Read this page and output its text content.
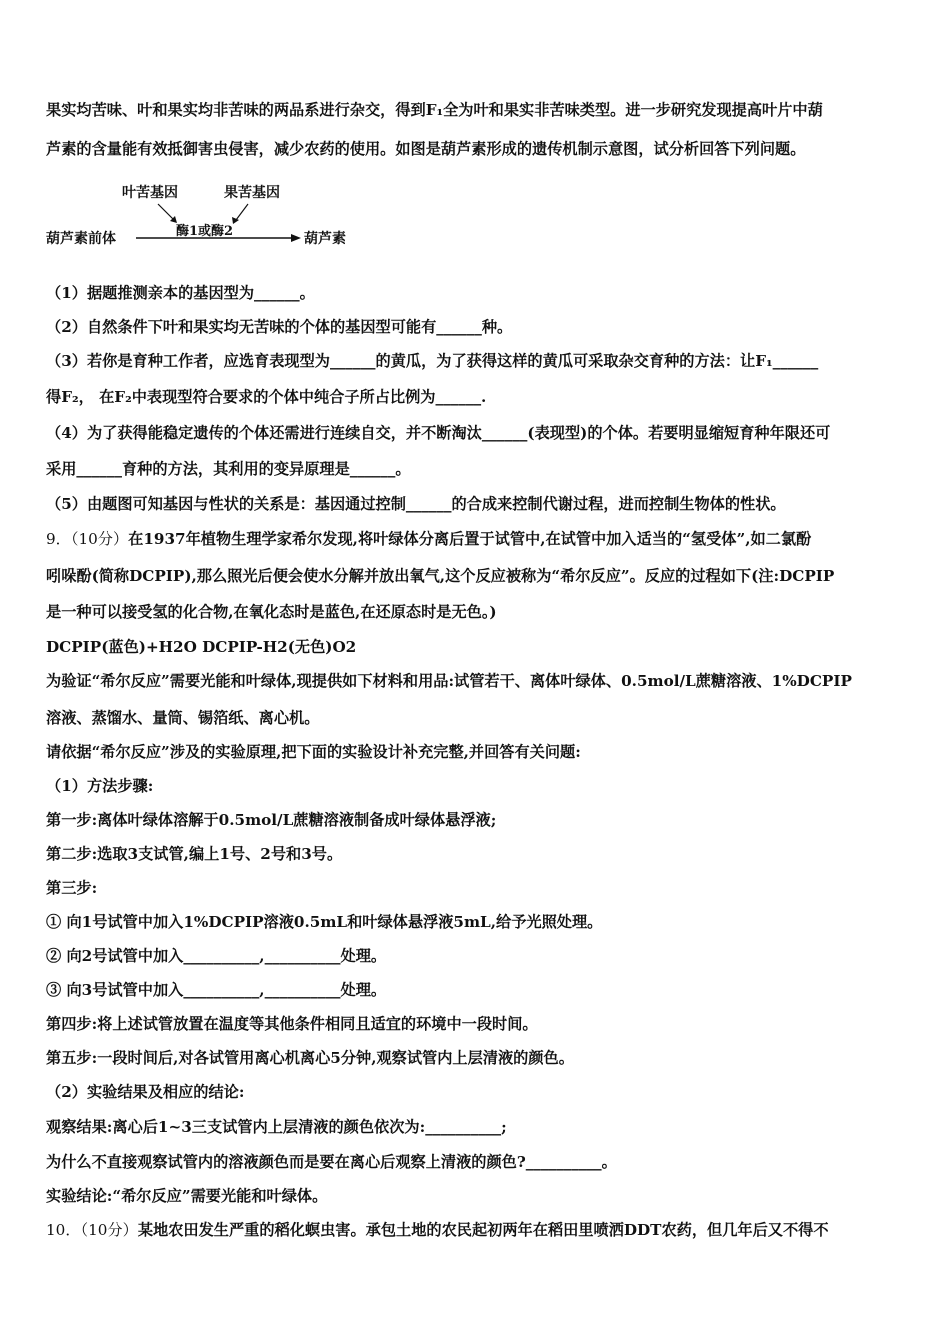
果实均苦味、叶和果实均非苦味的两品系进行杂交，得到F₁全为叶和果实非苦味类型。进一步研究发现提高叶片中葫
芦素的含量能有效抵御害虫侵害，减少农药的使用。如图是葫芦素形成的遗传机制示意图，试分析回答下列问题。
叶苦基因	果苦基因
葫芦素前体	酶1或酶2	葫芦素
（1）据题推测亲本的基因型为______。
（2）自然条件下叶和果实均无苦味的个体的基因型可能有______种。
（3）若你是育种工作者，应选育表现型为______的黄瓜，为了获得这样的黄瓜可采取杂交育种的方法：让F₁______
得F₂， 在F₂中表现型符合要求的个体中纯合子所占比例为______.
（4）为了获得能稳定遗传的个体还需进行连续自交，并不断淘汰______(表现型)的个体。若要明显缩短育种年限还可
采用______育种的方法，其利用的变异原理是______。
（5）由题图可知基因与性状的关系是：基因通过控制______的合成来控制代谢过程，进而控制生物体的性状。
9．（10分）在1937年植物生理学家希尔发现,将叶绿体分离后置于试管中,在试管中加入适当的“氢受体”,如二氯酚
吲哚酚(简称DCPIP),那么照光后便会使水分解并放出氧气,这个反应被称为“希尔反应”。反应的过程如下(注:DCPIP
是一种可以接受氢的化合物,在氧化态时是蓝色,在还原态时是无色。)
DCPIP(蓝色)+H2O DCPIP-H2(无色)O2
为验证“希尔反应”需要光能和叶绿体,现提供如下材料和用品:试管若干、离体叶绿体、0.5mol/L蔗糖溶液、1%DCPIP
溶液、蒸馏水、量筒、锡箔纸、离心机。
请依据“希尔反应”涉及的实验原理,把下面的实验设计补充完整,并回答有关问题:
（1）方法步骤:
第一步:离体叶绿体溶解于0.5mol/L蔗糖溶液制备成叶绿体悬浮液;
第二步:选取3支试管,编上1号、2号和3号。
第三步:
① 向1号试管中加入1%DCPIP溶液0.5mL和叶绿体悬浮液5mL,给予光照处理。
② 向2号试管中加入__________,__________处理。
③ 向3号试管中加入__________,__________处理。
第四步:将上述试管放置在温度等其他条件相同且适宜的环境中一段时间。
第五步:一段时间后,对各试管用离心机离心5分钟,观察试管内上层清液的颜色。
（2）实验结果及相应的结论:
观察结果:离心后1~3三支试管内上层清液的颜色依次为:__________;
为什么不直接观察试管内的溶液颜色而是要在离心后观察上清液的颜色?__________。
实验结论:“希尔反应”需要光能和叶绿体。
10．（10分）某地农田发生严重的稻化螟虫害。承包土地的农民起初两年在稻田里喷洒DDT农药，但几年后又不得不
